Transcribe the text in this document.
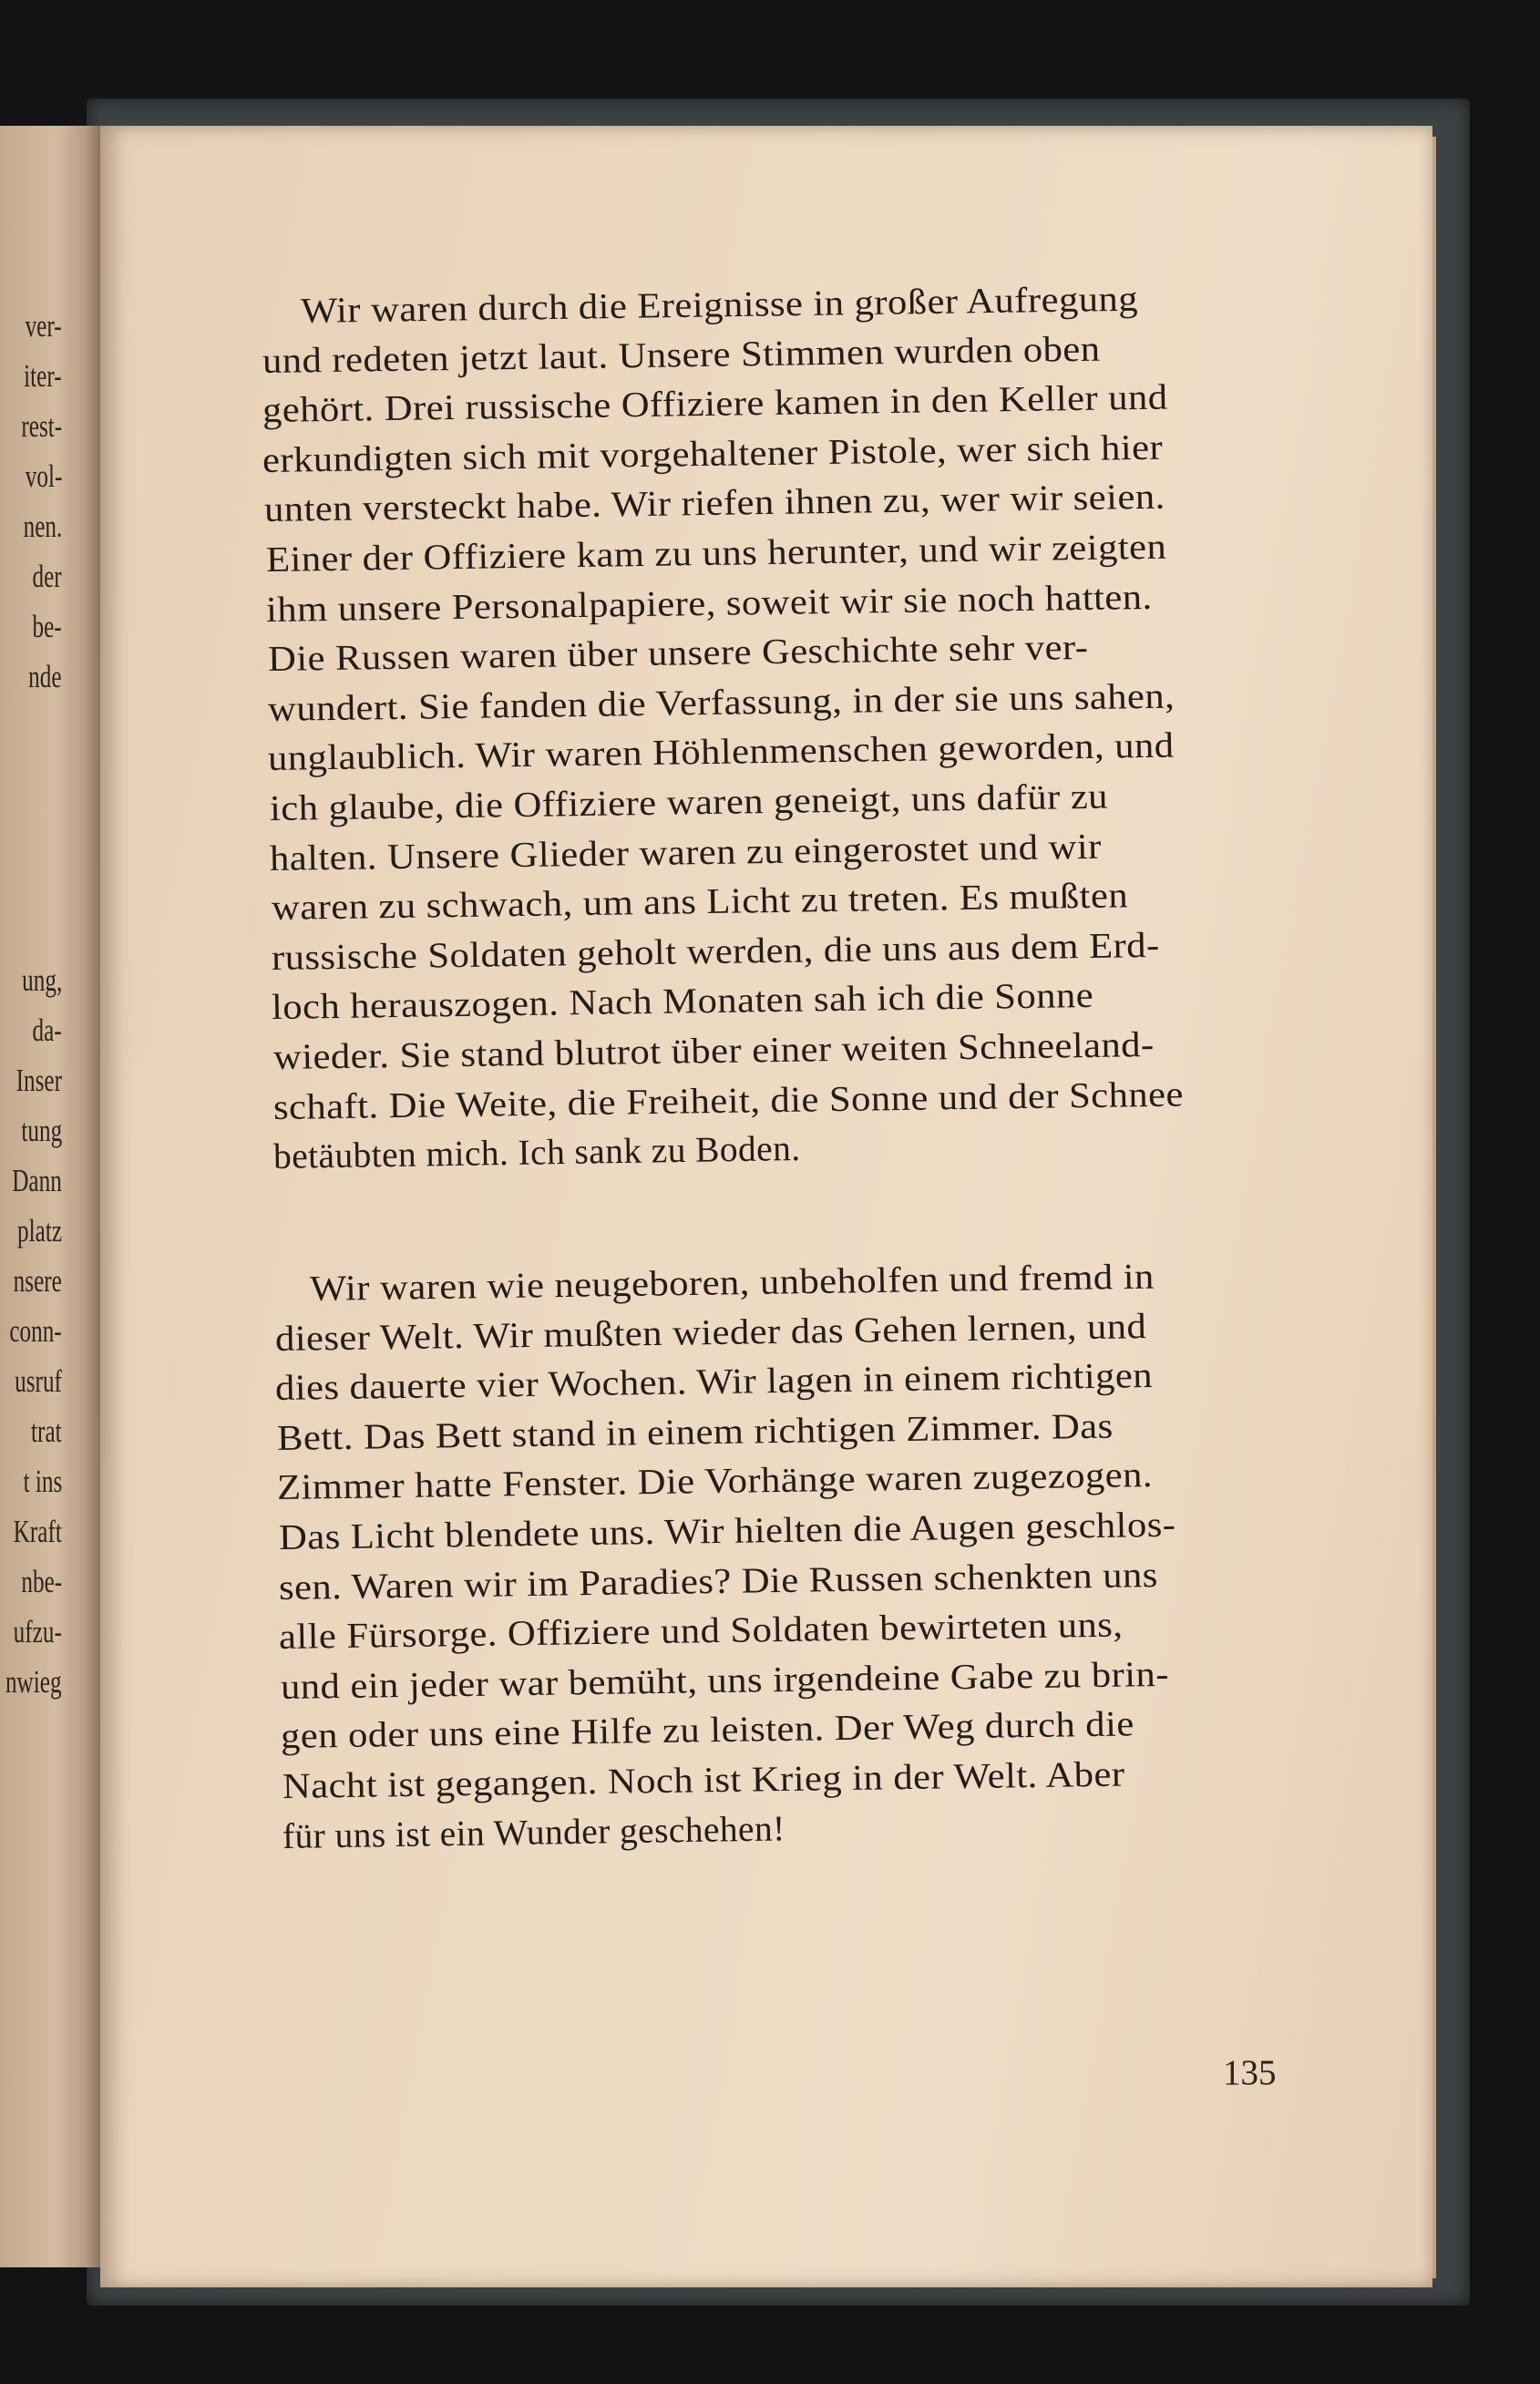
ver-
iter-
rest-
vol-
nen.
der
be-
nde
ung,
da-
Inser
tung
Dann
platz
nsere
conn-
usruf
trat
t ins
Kraft
nbe-
ufzu-
nwieg
Wir waren durch die Ereignisse in großer Aufregung
und redeten jetzt laut. Unsere Stimmen wurden oben
gehört. Drei russische Offiziere kamen in den Keller und
erkundigten sich mit vorgehaltener Pistole, wer sich hier
unten versteckt habe. Wir riefen ihnen zu, wer wir seien.
Einer der Offiziere kam zu uns herunter, und wir zeigten
ihm unsere Personalpapiere, soweit wir sie noch hatten.
Die Russen waren über unsere Geschichte sehr ver-
wundert. Sie fanden die Verfassung, in der sie uns sahen,
unglaublich. Wir waren Höhlenmenschen geworden, und
ich glaube, die Offiziere waren geneigt, uns dafür zu
halten. Unsere Glieder waren zu eingerostet und wir
waren zu schwach, um ans Licht zu treten. Es mußten
russische Soldaten geholt werden, die uns aus dem Erd-
loch herauszogen. Nach Monaten sah ich die Sonne
wieder. Sie stand blutrot über einer weiten Schneeland-
schaft. Die Weite, die Freiheit, die Sonne und der Schnee
betäubten mich. Ich sank zu Boden.
Wir waren wie neugeboren, unbeholfen und fremd in
dieser Welt. Wir mußten wieder das Gehen lernen, und
dies dauerte vier Wochen. Wir lagen in einem richtigen
Bett. Das Bett stand in einem richtigen Zimmer. Das
Zimmer hatte Fenster. Die Vorhänge waren zugezogen.
Das Licht blendete uns. Wir hielten die Augen geschlos-
sen. Waren wir im Paradies? Die Russen schenkten uns
alle Fürsorge. Offiziere und Soldaten bewirteten uns,
und ein jeder war bemüht, uns irgendeine Gabe zu brin-
gen oder uns eine Hilfe zu leisten. Der Weg durch die
Nacht ist gegangen. Noch ist Krieg in der Welt. Aber
für uns ist ein Wunder geschehen!
135
